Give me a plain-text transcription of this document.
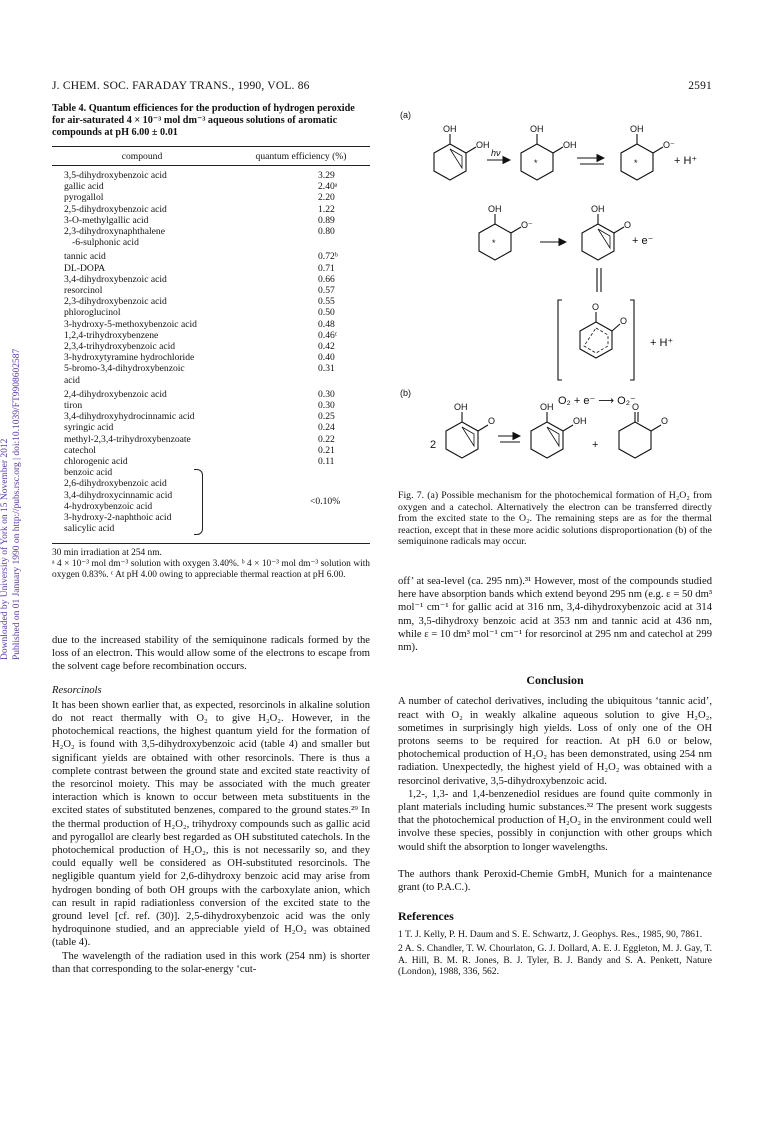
J. CHEM. SOC. FARADAY TRANS., 1990, VOL. 86	2591
Downloaded by University of York on 15 November 2012 Published on 01 January 1990 on http://pubs.rsc.org | doi:10.1039/FT9908602587
Table 4. Quantum efficiences for the production of hydrogen peroxide for air-saturated 4 × 10⁻³ mol dm⁻³ aqueous solutions of aromatic compounds at pH 6.00 ± 0.01
compound	quantum efficiency (%)
3,5-dihydroxybenzoic acid	3.29
gallic acid	2.40ᵃ
pyrogallol	2.20
2,5-dihydroxybenzoic acid	1.22
3-O-methylgallic acid	0.89
2,3-dihydroxynaphthalene	0.80
-6-sulphonic acid
tannic acid	0.72ᵇ
DL-DOPA	0.71
3,4-dihydroxybenzoic acid	0.66
resorcinol	0.57
2,3-dihydroxybenzoic acid	0.55
phloroglucinol	0.50
3-hydroxy-5-methoxybenzoic acid	0.48
1,2,4-trihydroxybenzene	0.46ᶜ
2,3,4-trihydroxybenzoic acid	0.42
3-hydroxytyramine hydrochloride	0.40
5-bromo-3,4-dihydroxybenzoic	0.31
acid
2,4-dihydroxybenzoic acid	0.30
tiron	0.30
3,4-dihydroxyhydrocinnamic acid	0.25
syringic acid	0.24
methyl-2,3,4-trihydroxybenzoate	0.22
catechol	0.21
chlorogenic acid	0.11
benzoic acid
2,6-dihydroxybenzoic acid
3,4-dihydroxycinnamic acid
4-hydroxybenzoic acid
3-hydroxy-2-naphthoic acid
salicylic acid
<0.10%
30 min irradiation at 254 nm.
ᵃ 4 × 10⁻³ mol dm⁻³ solution with oxygen 3.40%. ᵇ 4 × 10⁻³ mol dm⁻³ solution with oxygen 0.83%. ᶜ At pH 4.00 owing to appreciable thermal reaction at pH 6.00.

due to the increased stability of the semiquinone radicals formed by the loss of an electron. This would allow some of the electrons to escape from the solvent cage before recombination occurs.

Resorcinols

It has been shown earlier that, as expected, resorcinols in alkaline solution do not react thermally with O₂ to give H₂O₂. However, in the photochemical reactions, the highest quantum yield for the formation of H₂O₂ is found with 3,5-dihydroxybenzoic acid (table 4) and smaller but significant yields are obtained with other resorcinols. There is thus a complete contrast between the ground state and excited state reactivity of the resorcinol moiety. This may be associated with the much greater interaction which is known to occur between meta substituents in the excited states of substituted benzenes, compared to the ground states.²⁹ In the thermal production of H₂O₂, trihydroxy compounds such as gallic acid and pyrogallol are clearly best regarded as OH substituted catechols. In the photochemical production of H₂O₂, this is not necessarily so, and they could equally well be considered as OH-substituted resorcinols. The negligible quantum yield for 2,6-dihydroxy benzoic acid may arise from hydrogen bonding of both OH groups with the carboxylate anion, which can result in rapid radiationless conversion of the excited state to the ground level [cf. ref. (30)]. 2,5-dihydroxybenzoic acid was the only hydroquinone studied, and an appreciable yield of H₂O₂ was obtained (table 4).

The wavelength of the radiation used in this work (254 nm) is shorter than that corresponding to the solar-energy ‘cut-

(a)
OH
OH
hν
OH
OH
*
OH
O⁻
*	+ H⁺
OH
O⁻
*
OH
O
+ e⁻
O
O
+ H⁺
O₂ + e⁻ ⟶ O₂⁻
(b)
OH
O
2
OH
OH
+
O
O
Fig. 7. (a) Possible mechanism for the photochemical formation of H₂O₂ from oxygen and a catechol. Alternatively the electron can be transferred directly from the excited state to the O₂. The remaining steps are as for the thermal reaction, except that in these more acidic solutions disproportionation (b) of the semiquinone radicals may occur.

off’ at sea-level (ca. 295 nm).³¹ However, most of the compounds studied here have absorption bands which extend beyond 295 nm (e.g. ε = 50 dm³ mol⁻¹ cm⁻¹ for gallic acid at 316 nm, 3,4-dihydroxybenzoic acid at 314 nm, 3,5-dihydroxy benzoic acid at 353 nm and tannic acid at 436 nm, while ε = 10 dm³ mol⁻¹ cm⁻¹ for resorcinol at 295 nm and catechol at 299 nm).

Conclusion

A number of catechol derivatives, including the ubiquitous ‘tannic acid’, react with O₂ in weakly alkaline aqueous solution to give H₂O₂, sometimes in surprisingly high yields. Loss of only one of the OH protons seems to be required for reaction. At pH 6.0 or below, photochemical production of H₂O₂ has been demonstrated, using 254 nm radiation. Unexpectedly, the highest yield of H₂O₂ was obtained with a resorcinol derivative, 3,5-dihydroxybenzoic acid.

1,2-, 1,3- and 1,4-benzenediol residues are found quite commonly in plant materials including humic substances.³² The present work suggests that the photochemical production of H₂O₂ in the environment could well involve these species, possibly in conjunction with other groups which would shift the absorption to longer wavelengths.

The authors thank Peroxid-Chemie GmbH, Munich for a maintenance grant (to P.A.C.).

References

1 T. J. Kelly, P. H. Daum and S. E. Schwartz, J. Geophys. Res., 1985, 90, 7861.

2 A. S. Chandler, T. W. Chourlaton, G. J. Dollard, A. E. J. Eggleton, M. J. Gay, T. A. Hill, B. M. R. Jones, B. J. Tyler, B. J. Bandy and S. A. Penkett, Nature (London), 1988, 336, 562.
